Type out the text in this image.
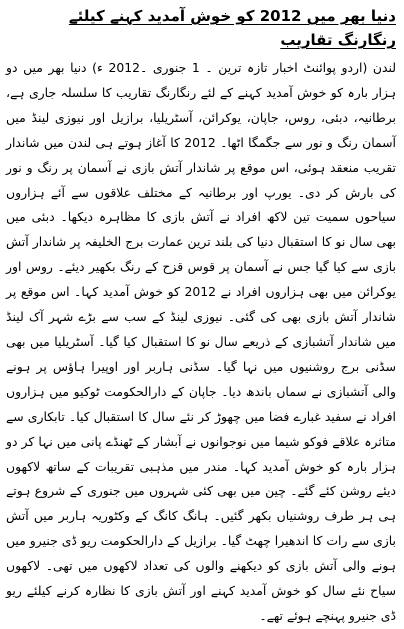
دنیا بھر میں 2012 کو خوش آمدید کہنے کیلئے رنگارنگ تقاریب

لندن (اردو پوائنٹ اخبار تازہ ترین ۔ 1 جنوری ۔2012 ء) دنیا بھر میں دو ہزار بارہ کو خوش آمدید کہنے کے لئے رنگارنگ تقاریب کا سلسلہ جاری ہے، برطانیہ، دبئی، روس، جاپان، یوکرائن، آسٹریلیا، برازیل اور نیوزی لینڈ میں آسمان رنگ و نور سے جگمگا اٹھا۔ 2012 کا آغاز ہوتے ہی لندن میں شاندار تقریب منعقد ہوئی، اس موقع پر شاندار آتش بازی نے آسمان پر رنگ و نور کی بارش کر دی۔ یورپ اور برطانیہ کے مختلف علاقوں سے آئے ہزاروں سیاحوں سمیت تین لاکھ افراد نے آتش بازی کا مظاہرہ دیکھا۔ دبئی میں بھی سال نو کا استقبال دنیا کی بلند ترین عمارت برج الخلیفہ پر شاندار آتش بازی سے کیا گیا جس نے آسمان پر قوس قزح کے رنگ بکھیر دیئے۔ روس اور یوکرائن میں بھی ہزاروں افراد نے 2012 کو خوش آمدید کہا۔ اس موقع پر شاندار آتش بازی بھی کی گئی۔ نیوزی لینڈ کے سب سے بڑے شہر آک لینڈ میں شاندار آتشبازی کے ذریعے سال نو کا استقبال کیا گیا۔ آسٹریلیا میں بھی سڈنی برج روشنیوں میں نہا گیا۔ سڈنی ہاربر اور اوپیرا ہاؤس پر ہونے والی آتشبازی نے سماں باندھ دیا۔ جاپان کے دارالحکومت ٹوکیو میں ہزاروں افراد نے سفید غبارے فضا میں چھوڑ کر نئے سال کا استقبال کیا۔ تابکاری سے متاثرہ علاقے فوکو شیما میں نوجوانوں نے آبشار کے ٹھنڈے پانی میں نہا کر دو ہزار بارہ کو خوش آمدید کہا۔ مندر میں مذہبی تقریبات کے ساتھ لاکھوں دیئے روشن کئے گئے۔ چین میں بھی کئی شہروں میں جنوری کے شروع ہوتے ہی ہر طرف روشنیاں بکھر گئیں۔ ہانگ کانگ کے وکٹوریہ ہاربر میں آتش بازی سے رات کا اندھیرا چھٹ گیا۔ برازیل کے دارالحکومت ریو ڈی جنیرو میں ہونے والی آتش بازی کو دیکھنے والوں کی تعداد لاکھوں میں تھی۔ لاکھوں سیاح نئے سال کو خوش آمدید کہنے اور آتش بازی کا نظارہ کرنے کیلئے ریو ڈی جنیرو پہنچے ہوئے تھے۔
